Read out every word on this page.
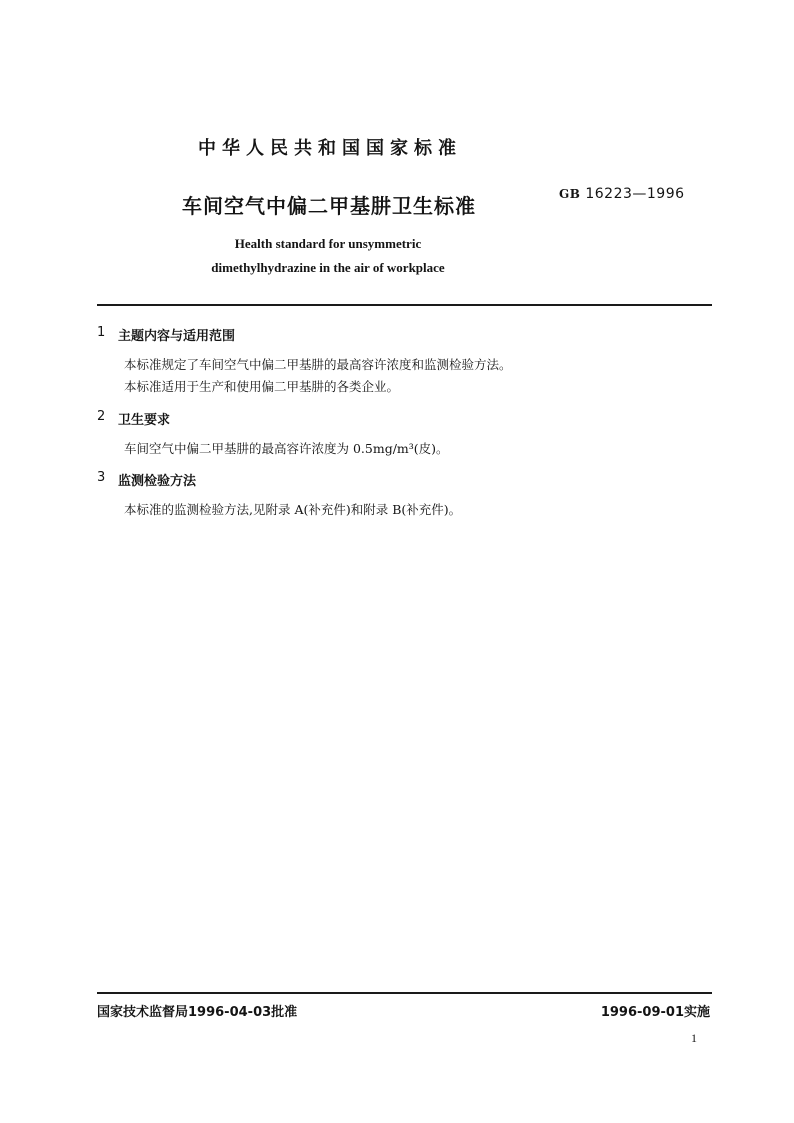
中华人民共和国国家标准
车间空气中偏二甲基肼卫生标准	GB 16223—1996
Health standard for unsymmetric
dimethylhydrazine in the air of workplace
1 主题内容与适用范围
本标准规定了车间空气中偏二甲基肼的最高容许浓度和监测检验方法。
本标准适用于生产和使用偏二甲基肼的各类企业。
2 卫生要求
车间空气中偏二甲基肼的最高容许浓度为 0.5mg/m³(皮)。
3 监测检验方法
本标准的监测检验方法,见附录 A(补充件)和附录 B(补充件)。
国家技术监督局1996-04-03批准	1996-09-01实施
1
